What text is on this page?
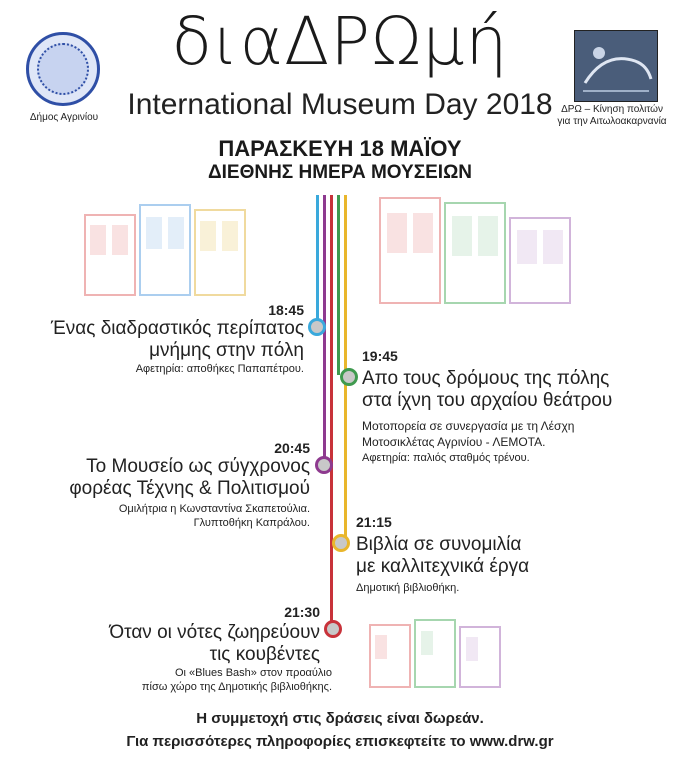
Δήμος Αγρινίου
διαΔΡΩμή
International Museum Day 2018
ΠΑΡΑΣΚΕΥΗ 18 ΜΑΪΟΥ
ΔΙΕΘΝΗΣ ΗΜΕΡΑ ΜΟΥΣΕΙΩΝ
ΔΡΩ – Κίνηση πολιτών
για την Αιτωλοακαρνανία
18:45
Ένας διαδραστικός περίπατος
μνήμης στην πόλη
Αφετηρία: αποθήκες Παπαπέτρου.
19:45
Απο τους δρόμους της πόλης
στα ίχνη του αρχαίου θεάτρου
Μοτοπορεία σε συνεργασία με τη Λέσχη
Μοτοσικλέτας Αγρινίου - ΛΕΜΟΤΑ.
Αφετηρία: παλιός σταθμός τρένου.
20:45
Το Μουσείο ως σύγχρονος
φορέας Τέχνης & Πολιτισμού
Ομιλήτρια η Κωνσταντίνα Σκαπετούλια.
Γλυπτοθήκη Καπράλου.	21:15
Βιβλία σε συνομιλία
με καλλιτεχνικά έργα
Δημοτική βιβλιοθήκη.
21:30
Όταν οι νότες ζωηρεύουν
τις κουβέντες
Οι «Blues Bash» στον προαύλιο
πίσω χώρο της Δημοτικής βιβλιοθήκης.
Η συμμετοχή στις δράσεις είναι δωρεάν.
Για περισσότερες πληροφορίες επισκεφτείτε το www.drw.gr
